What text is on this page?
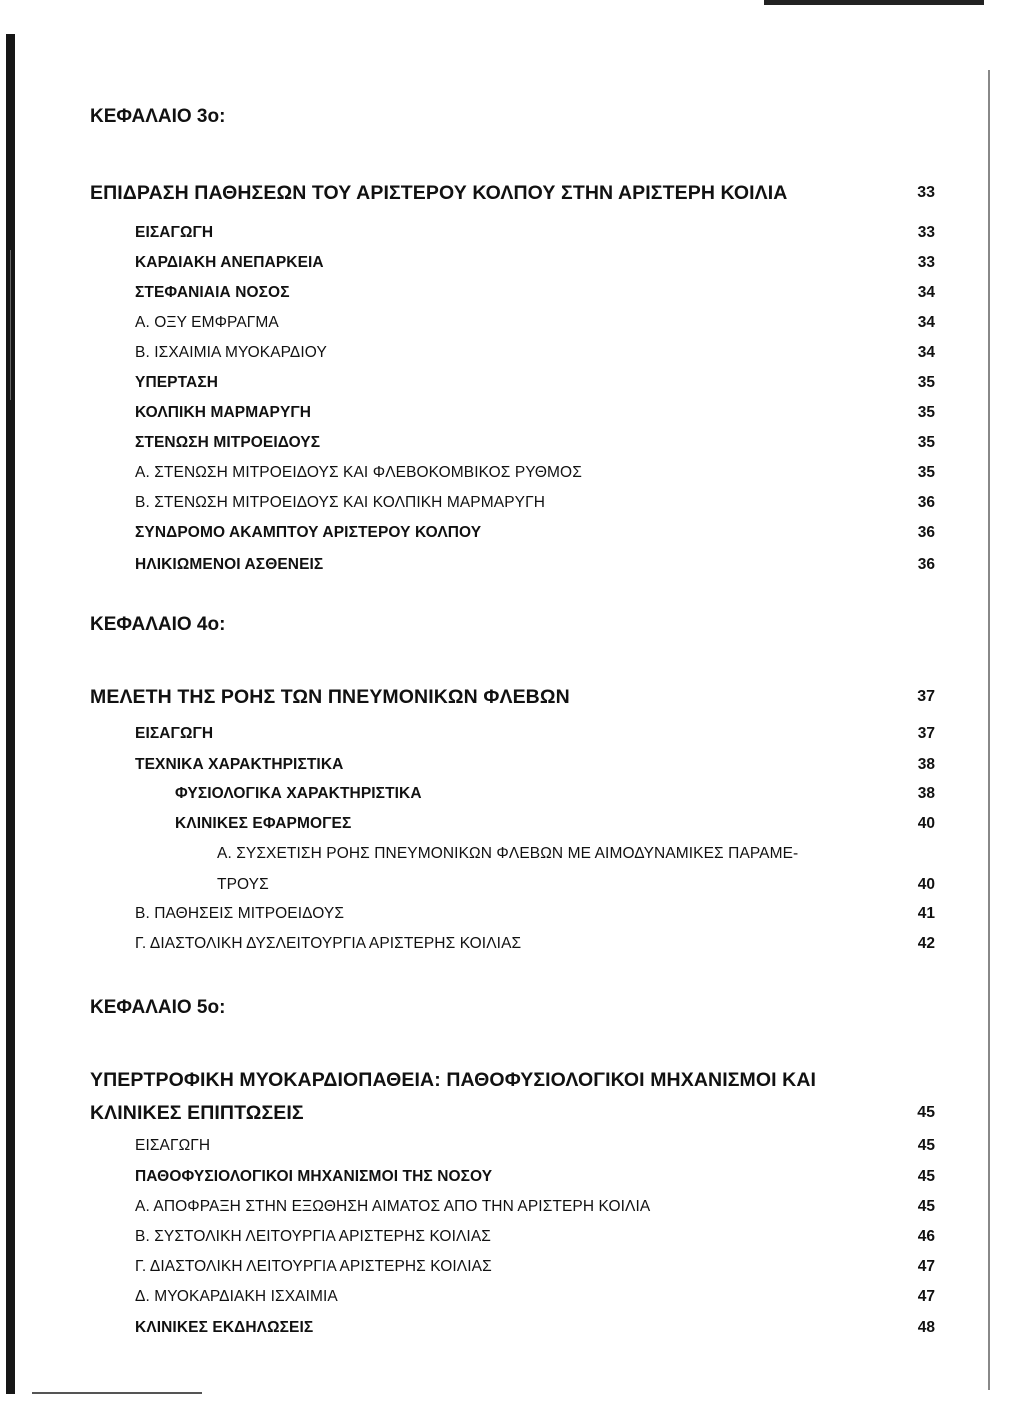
ΚΕΦΑΛΑΙΟ 3ο:
ΕΠΙΔΡΑΣΗ ΠΑΘΗΣΕΩΝ ΤΟΥ ΑΡΙΣΤΕΡΟΥ ΚΟΛΠΟΥ ΣΤΗΝ ΑΡΙΣΤΕΡΗ ΚΟΙΛΙΑ	33
ΕΙΣΑΓΩΓΗ	33
ΚΑΡΔΙΑΚΗ ΑΝΕΠΑΡΚΕΙΑ	33
ΣΤΕΦΑΝΙΑΙΑ ΝΟΣΟΣ	34
Α. ΟΞΥ ΕΜΦΡΑΓΜΑ	34
Β. ΙΣΧΑΙΜΙΑ ΜΥΟΚΑΡΔΙΟΥ	34
ΥΠΕΡΤΑΣΗ	35
ΚΟΛΠΙΚΗ ΜΑΡΜΑΡΥΓΗ	35
ΣΤΕΝΩΣΗ ΜΙΤΡΟΕΙΔΟΥΣ	35
Α. ΣΤΕΝΩΣΗ ΜΙΤΡΟΕΙΔΟΥΣ ΚΑΙ ΦΛΕΒΟΚΟΜΒΙΚΟΣ ΡΥΘΜΟΣ	35
Β. ΣΤΕΝΩΣΗ ΜΙΤΡΟΕΙΔΟΥΣ ΚΑΙ ΚΟΛΠΙΚΗ ΜΑΡΜΑΡΥΓΗ	36
ΣΥΝΔΡΟΜΟ ΑΚΑΜΠΤΟΥ ΑΡΙΣΤΕΡΟΥ ΚΟΛΠΟΥ	36
ΗΛΙΚΙΩΜΕΝΟΙ ΑΣΘΕΝΕΙΣ	36
ΚΕΦΑΛΑΙΟ 4ο:
ΜΕΛΕΤΗ ΤΗΣ ΡΟΗΣ ΤΩΝ ΠΝΕΥΜΟΝΙΚΩΝ ΦΛΕΒΩΝ	37
ΕΙΣΑΓΩΓΗ	37
ΤΕΧΝΙΚΑ ΧΑΡΑΚΤΗΡΙΣΤΙΚΑ	38
ΦΥΣΙΟΛΟΓΙΚΑ ΧΑΡΑΚΤΗΡΙΣΤΙΚΑ	38
ΚΛΙΝΙΚΕΣ ΕΦΑΡΜΟΓΕΣ	40
Α. ΣΥΣΧΕΤΙΣΗ ΡΟΗΣ ΠΝΕΥΜΟΝΙΚΩΝ ΦΛΕΒΩΝ ΜΕ ΑΙΜΟΔΥΝΑΜΙΚΕΣ ΠΑΡΑΜΕ-
ΤΡΟΥΣ	40
Β. ΠΑΘΗΣΕΙΣ ΜΙΤΡΟΕΙΔΟΥΣ	41
Γ. ΔΙΑΣΤΟΛΙΚΗ ΔΥΣΛΕΙΤΟΥΡΓΙΑ ΑΡΙΣΤΕΡΗΣ ΚΟΙΛΙΑΣ	42
ΚΕΦΑΛΑΙΟ 5ο:
ΥΠΕΡΤΡΟΦΙΚΗ ΜΥΟΚΑΡΔΙΟΠΑΘΕΙΑ: ΠΑΘΟΦΥΣΙΟΛΟΓΙΚΟΙ ΜΗΧΑΝΙΣΜΟΙ ΚΑΙ
ΚΛΙΝΙΚΕΣ ΕΠΙΠΤΩΣΕΙΣ	45
ΕΙΣΑΓΩΓΗ	45
ΠΑΘΟΦΥΣΙΟΛΟΓΙΚΟΙ ΜΗΧΑΝΙΣΜΟΙ ΤΗΣ ΝΟΣΟΥ	45
Α. ΑΠΟΦΡΑΞΗ ΣΤΗΝ ΕΞΩΘΗΣΗ ΑΙΜΑΤΟΣ ΑΠΟ ΤΗΝ ΑΡΙΣΤΕΡΗ ΚΟΙΛΙΑ	45
Β. ΣΥΣΤΟΛΙΚΗ ΛΕΙΤΟΥΡΓΙΑ ΑΡΙΣΤΕΡΗΣ ΚΟΙΛΙΑΣ	46
Γ. ΔΙΑΣΤΟΛΙΚΗ ΛΕΙΤΟΥΡΓΙΑ ΑΡΙΣΤΕΡΗΣ ΚΟΙΛΙΑΣ	47
Δ. ΜΥΟΚΑΡΔΙΑΚΗ ΙΣΧΑΙΜΙΑ	47
ΚΛΙΝΙΚΕΣ ΕΚΔΗΛΩΣΕΙΣ	48
